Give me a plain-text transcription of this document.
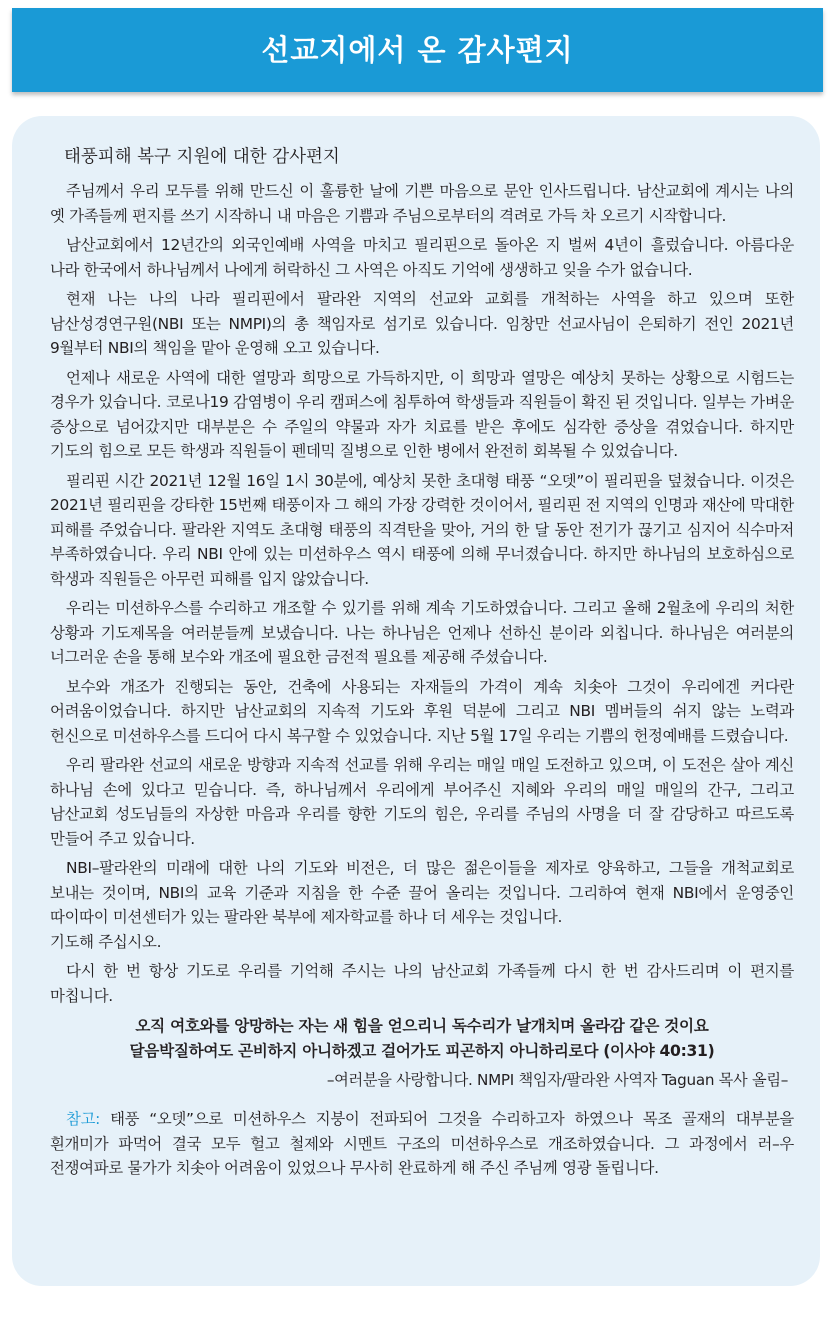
선교지에서 온 감사편지
태풍피해 복구 지원에 대한 감사편지

주님께서 우리 모두를 위해 만드신 이 훌륭한 날에 기쁜 마음으로 문안 인사드립니다. 남산교회에 계시는 나의 옛 가족들께 편지를 쓰기 시작하니 내 마음은 기쁨과 주님으로부터의 격려로 가득 차 오르기 시작합니다.

남산교회에서 12년간의 외국인예배 사역을 마치고 필리핀으로 돌아온 지 벌써 4년이 흘렀습니다. 아름다운 나라 한국에서 하나님께서 나에게 허락하신 그 사역은 아직도 기억에 생생하고 잊을 수가 없습니다.

현재 나는 나의 나라 필리핀에서 팔라완 지역의 선교와 교회를 개척하는 사역을 하고 있으며 또한 남산성경연구원(NBI 또는 NMPI)의 총 책임자로 섬기로 있습니다. 임창만 선교사님이 은퇴하기 전인 2021년 9월부터 NBI의 책임을 맡아 운영해 오고 있습니다.

언제나 새로운 사역에 대한 열망과 희망으로 가득하지만, 이 희망과 열망은 예상치 못하는 상황으로 시험드는 경우가 있습니다. 코로나19 감염병이 우리 캠퍼스에 침투하여 학생들과 직원들이 확진 된 것입니다. 일부는 가벼운 증상으로 넘어갔지만 대부분은 수 주일의 약물과 자가 치료를 받은 후에도 심각한 증상을 겪었습니다. 하지만 기도의 힘으로 모든 학생과 직원들이 펜데믹 질병으로 인한 병에서 완전히 회복될 수 있었습니다.

필리핀 시간 2021년 12월 16일 1시 30분에, 예상치 못한 초대형 태풍 “오뎃”이 필리핀을 덮쳤습니다. 이것은 2021년 필리핀을 강타한 15번째 태풍이자 그 해의 가장 강력한 것이어서, 필리핀 전 지역의 인명과 재산에 막대한 피해를 주었습니다. 팔라완 지역도 초대형 태풍의 직격탄을 맞아, 거의 한 달 동안 전기가 끊기고 심지어 식수마저 부족하였습니다. 우리 NBI 안에 있는 미션하우스 역시 태풍에 의해 무너졌습니다. 하지만 하나님의 보호하심으로 학생과 직원들은 아무런 피해를 입지 않았습니다.

우리는 미션하우스를 수리하고 개조할 수 있기를 위해 계속 기도하였습니다. 그리고 올해 2월초에 우리의 처한 상황과 기도제목을 여러분들께 보냈습니다. 나는 하나님은 언제나 선하신 분이라 외칩니다. 하나님은 여러분의 너그러운 손을 통해 보수와 개조에 필요한 금전적 필요를 제공해 주셨습니다.

보수와 개조가 진행되는 동안, 건축에 사용되는 자재들의 가격이 계속 치솟아 그것이 우리에겐 커다란 어려움이었습니다. 하지만 남산교회의 지속적 기도와 후원 덕분에 그리고 NBI 멤버들의 쉬지 않는 노력과 헌신으로 미션하우스를 드디어 다시 복구할 수 있었습니다. 지난 5월 17일 우리는 기쁨의 헌정예배를 드렸습니다.

우리 팔라완 선교의 새로운 방향과 지속적 선교를 위해 우리는 매일 매일 도전하고 있으며, 이 도전은 살아 계신 하나님 손에 있다고 믿습니다. 즉, 하나님께서 우리에게 부어주신 지혜와 우리의 매일 매일의 간구, 그리고 남산교회 성도님들의 자상한 마음과 우리를 향한 기도의 힘은, 우리를 주님의 사명을 더 잘 감당하고 따르도록 만들어 주고 있습니다.

NBI–팔라완의 미래에 대한 나의 기도와 비전은, 더 많은 젊은이들을 제자로 양육하고, 그들을 개척교회로 보내는 것이며, NBI의 교육 기준과 지침을 한 수준 끌어 올리는 것입니다. 그리하여 현재 NBI에서 운영중인 따이따이 미션센터가 있는 팔라완 북부에 제자학교를 하나 더 세우는 것입니다.

기도해 주십시오.

다시 한 번 항상 기도로 우리를 기억해 주시는 나의 남산교회 가족들께 다시 한 번 감사드리며 이 편지를 마칩니다.

오직 여호와를 앙망하는 자는 새 힘을 얻으리니 독수리가 날개치며 올라감 같은 것이요
달음박질하여도 곤비하지 아니하겠고 걸어가도 피곤하지 아니하리로다 (이사야 40:31)
–여러분을 사랑합니다. NMPI 책임자/팔라완 사역자 Taguan 목사 올림–

참고: 태풍 “오뎃”으로 미션하우스 지붕이 전파되어 그것을 수리하고자 하였으나 목조 골재의 대부분을 흰개미가 파먹어 결국 모두 헐고 철제와 시멘트 구조의 미션하우스로 개조하였습니다. 그 과정에서 러–우 전쟁여파로 물가가 치솟아 어려움이 있었으나 무사히 완료하게 해 주신 주님께 영광 돌립니다.
